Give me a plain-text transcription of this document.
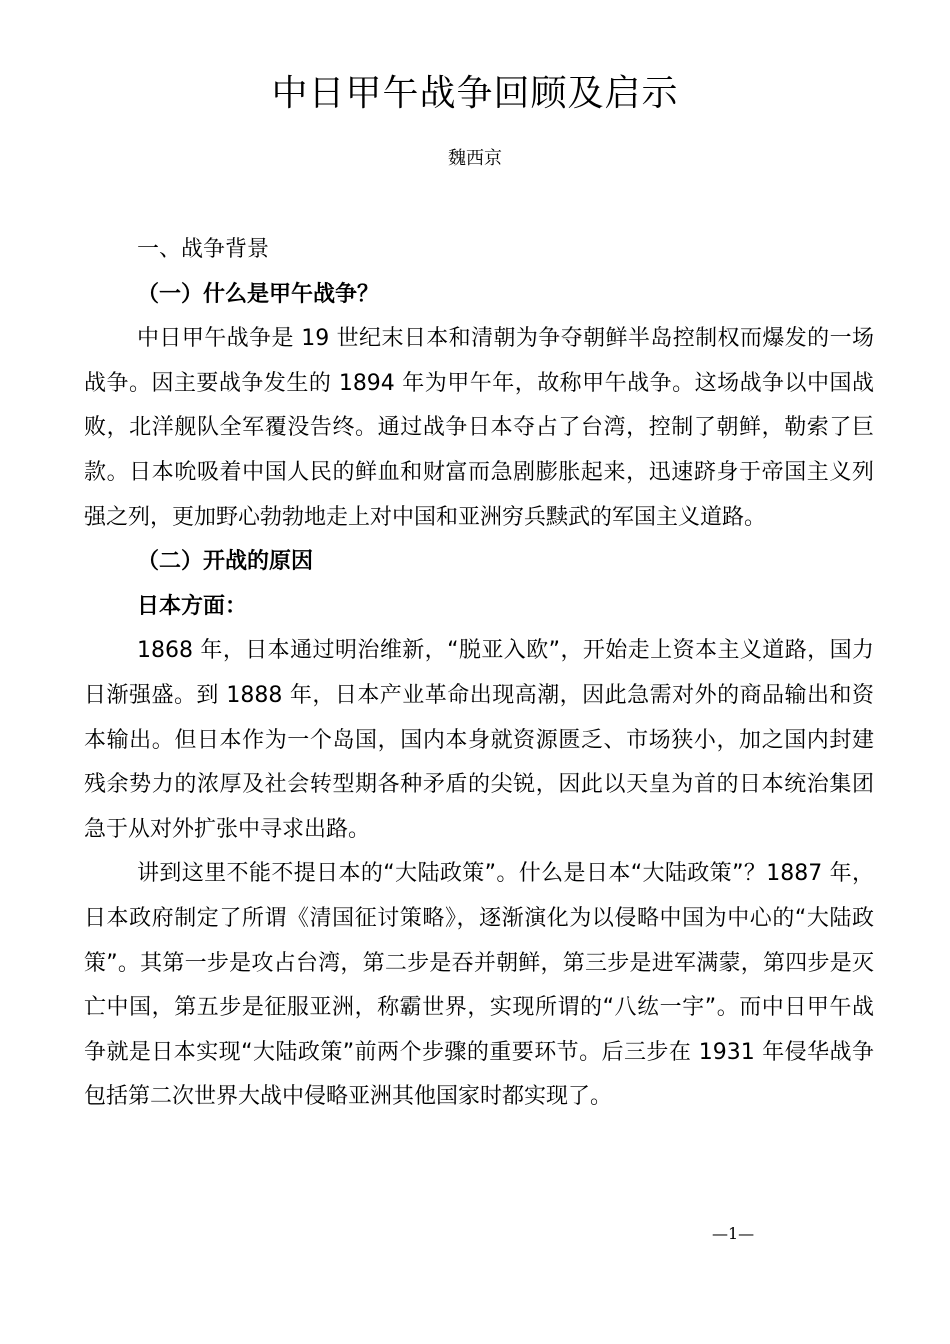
中日甲午战争回顾及启示
魏西京

一、战争背景

（一）什么是甲午战争？

中日甲午战争是 19 世纪末日本和清朝为争夺朝鲜半岛控制权而爆发的一场战争。因主要战争发生的 1894 年为甲午年，故称甲午战争。这场战争以中国战败，北洋舰队全军覆没告终。通过战争日本夺占了台湾，控制了朝鲜，勒索了巨款。日本吮吸着中国人民的鲜血和财富而急剧膨胀起来，迅速跻身于帝国主义列强之列，更加野心勃勃地走上对中国和亚洲穷兵黩武的军国主义道路。

（二）开战的原因

日本方面：

1868 年，日本通过明治维新，“脱亚入欧”，开始走上资本主义道路，国力日渐强盛。到 1888 年，日本产业革命出现高潮，因此急需对外的商品输出和资本输出。但日本作为一个岛国，国内本身就资源匮乏、市场狭小，加之国内封建残余势力的浓厚及社会转型期各种矛盾的尖锐，因此以天皇为首的日本统治集团急于从对外扩张中寻求出路。

讲到这里不能不提日本的“大陆政策”。什么是日本“大陆政策”？1887 年，日本政府制定了所谓《清国征讨策略》，逐渐演化为以侵略中国为中心的“大陆政策”。其第一步是攻占台湾，第二步是吞并朝鲜，第三步是进军满蒙，第四步是灭亡中国，第五步是征服亚洲，称霸世界，实现所谓的“八纮一宇”。而中日甲午战争就是日本实现“大陆政策”前两个步骤的重要环节。后三步在 1931 年侵华战争包括第二次世界大战中侵略亚洲其他国家时都实现了。

—1—
